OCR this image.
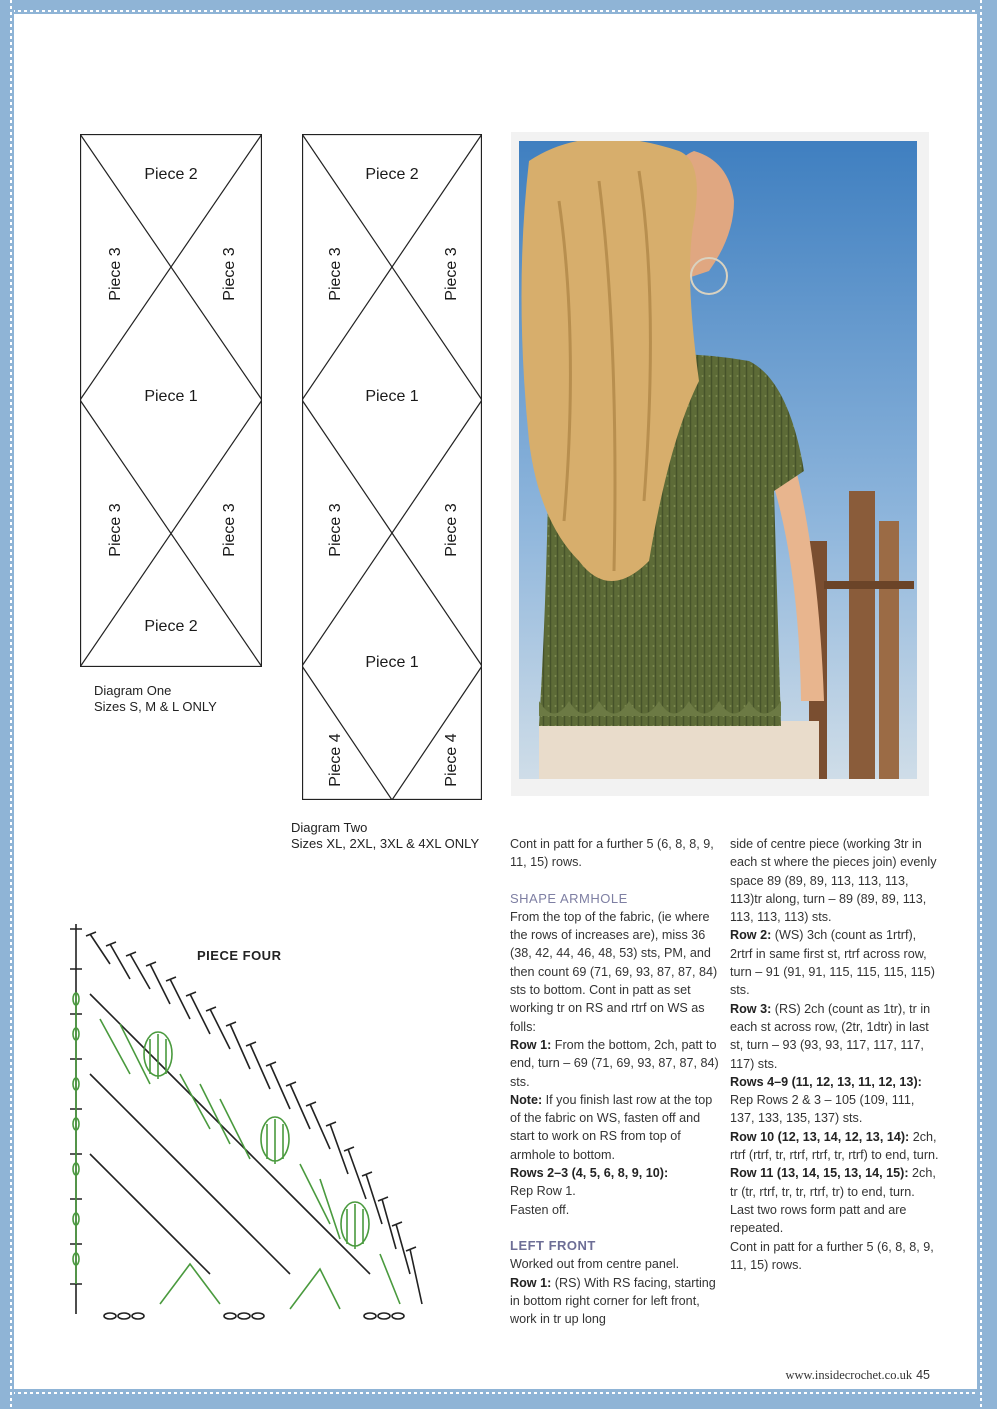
Piece 2
Piece 1
Piece 2
Piece 3	Piece 3
Piece 3	Piece 3
Diagram One
Sizes S, M & L ONLY
Piece 2
Piece 1
Piece 1
Piece 3	Piece 3
Piece 3	Piece 3
Piece 4	Piece 4
Diagram Two
Sizes XL, 2XL, 3XL & 4XL ONLY
PIECE FOUR

Cont in patt for a further 5 (6, 8, 8, 9, 11, 15) rows.

SHAPE ARMHOLE

From the top of the fabric, (ie where the rows of increases are), miss 36 (38, 42, 44, 46, 48, 53) sts, PM, and then count 69 (71, 69, 93, 87, 87, 84) sts to bottom. Cont in patt as set working tr on RS and rtrf on WS as folls:

Row 1: From the bottom, 2ch, patt to end, turn – 69 (71, 69, 93, 87, 87, 84) sts.

Note: If you finish last row at the top of the fabric on WS, fasten off and start to work on RS from top of armhole to bottom.

Rows 2–3 (4, 5, 6, 8, 9, 10):

Rep Row 1.

Fasten off.

LEFT FRONT

Worked out from centre panel.

Row 1: (RS) With RS facing, starting in bottom right corner for left front, work in tr up long

side of centre piece (working 3tr in each st where the pieces join) evenly space 89 (89, 89, 113, 113, 113, 113)tr along, turn – 89 (89, 89, 113, 113, 113, 113) sts.

Row 2: (WS) 3ch (count as 1rtrf), 2rtrf in same first st, rtrf across row, turn – 91 (91, 91, 115, 115, 115, 115) sts.

Row 3: (RS) 2ch (count as 1tr), tr in each st across row, (2tr, 1dtr) in last st, turn – 93 (93, 93, 117, 117, 117, 117) sts.

Rows 4–9 (11, 12, 13, 11, 12, 13): Rep Rows 2 & 3 – 105 (109, 111, 137, 133, 135, 137) sts.

Row 10 (12, 13, 14, 12, 13, 14): 2ch, rtrf (rtrf, tr, rtrf, rtrf, tr, rtrf) to end, turn.

Row 11 (13, 14, 15, 13, 14, 15): 2ch, tr (tr, rtrf, tr, tr, rtrf, tr) to end, turn.

Last two rows form patt and are repeated.

Cont in patt for a further 5 (6, 8, 8, 9, 11, 15) rows.

www.insidecrochet.co.uk 45
